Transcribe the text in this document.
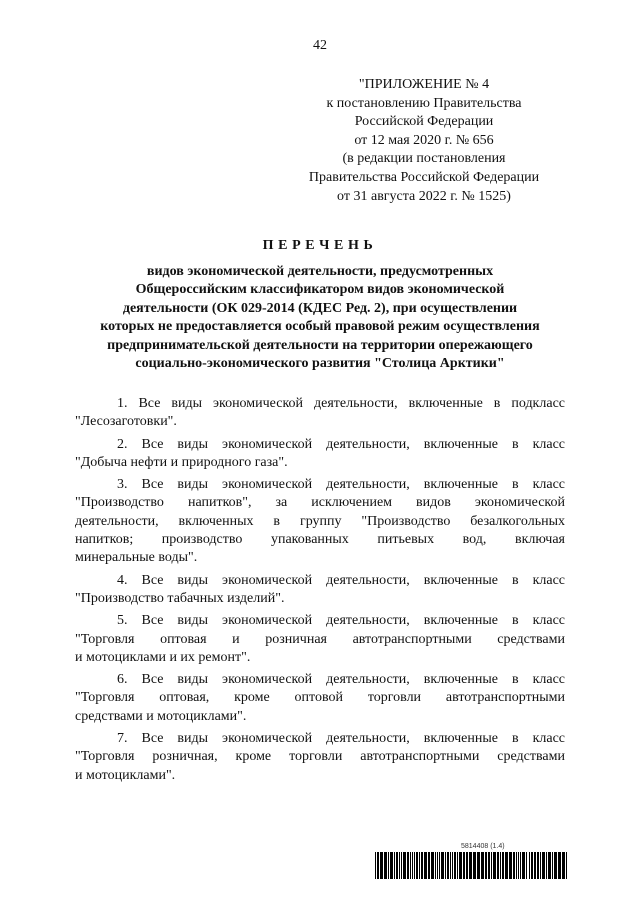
42
"ПРИЛОЖЕНИЕ № 4
к постановлению Правительства
Российской Федерации
от 12 мая 2020 г. № 656
(в редакции постановления
Правительства Российской Федерации
от 31 августа 2022 г. № 1525)
ПЕРЕЧЕНЬ
видов экономической деятельности, предусмотренных
Общероссийским классификатором видов экономической
деятельности (ОК 029-2014 (КДЕС Ред. 2), при осуществлении
которых не предоставляется особый правовой режим осуществления
предпринимательской деятельности на территории опережающего
социально-экономического развития "Столица Арктики"
1. Все виды экономической деятельности, включенные в подкласс
"Лесозаготовки".
2. Все виды экономической деятельности, включенные в класс
"Добыча нефти и природного газа".
3. Все виды экономической деятельности, включенные в класс
"Производство напитков", за исключением видов экономической
деятельности, включенных в группу "Производство безалкогольных
напитков; производство упакованных питьевых вод, включая
минеральные воды".
4. Все виды экономической деятельности, включенные в класс
"Производство табачных изделий".
5. Все виды экономической деятельности, включенные в класс
"Торговля оптовая и розничная автотранспортными средствами
и мотоциклами и их ремонт".
6. Все виды экономической деятельности, включенные в класс
"Торговля оптовая, кроме оптовой торговли автотранспортными
средствами и мотоциклами".
7. Все виды экономической деятельности, включенные в класс
"Торговля розничная, кроме торговли автотранспортными средствами
и мотоциклами".
5814408 (1.4)
